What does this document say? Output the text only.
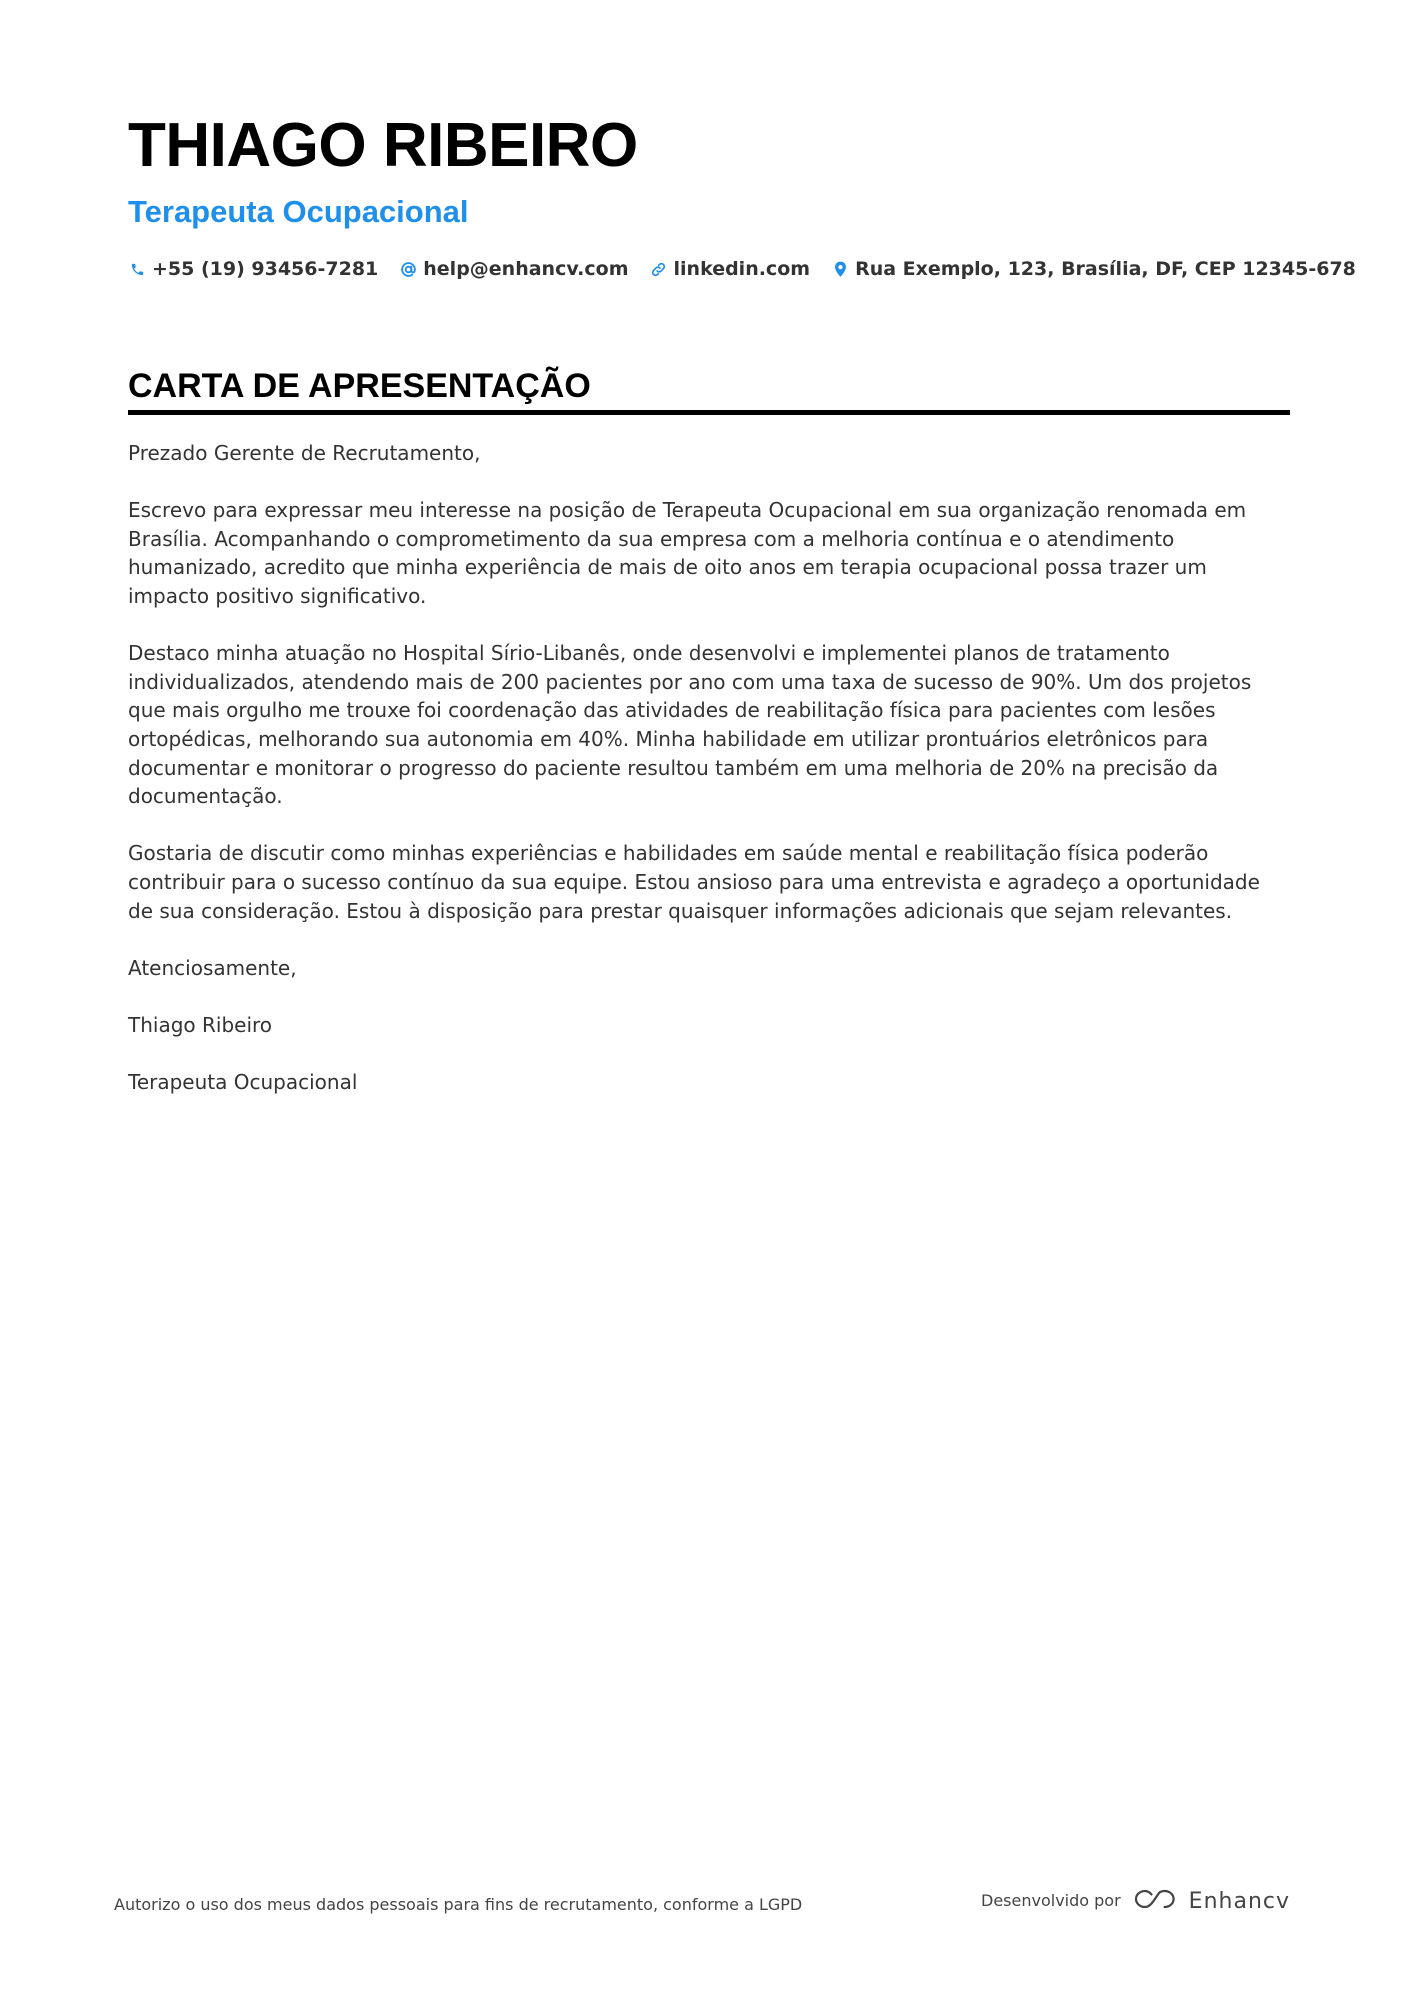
THIAGO RIBEIRO
Terapeuta Ocupacional
+55 (19) 93456-7281 help@enhancv.com linkedin.com Rua Exemplo, 123, Brasília, DF, CEP 12345-678
CARTA DE APRESENTAÇÃO

Prezado Gerente de Recrutamento,

Escrevo para expressar meu interesse na posição de Terapeuta Ocupacional em sua organização renomada em Brasília. Acompanhando o comprometimento da sua empresa com a melhoria contínua e o atendimento humanizado, acredito que minha experiência de mais de oito anos em terapia ocupacional possa trazer um impacto positivo significativo.

Destaco minha atuação no Hospital Sírio-Libanês, onde desenvolvi e implementei planos de tratamento individualizados, atendendo mais de 200 pacientes por ano com uma taxa de sucesso de 90%. Um dos projetos que mais orgulho me trouxe foi coordenação das atividades de reabilitação física para pacientes com lesões ortopédicas, melhorando sua autonomia em 40%. Minha habilidade em utilizar prontuários eletrônicos para documentar e monitorar o progresso do paciente resultou também em uma melhoria de 20% na precisão da documentação.

Gostaria de discutir como minhas experiências e habilidades em saúde mental e reabilitação física poderão contribuir para o sucesso contínuo da sua equipe. Estou ansioso para uma entrevista e agradeço a oportunidade de sua consideração. Estou à disposição para prestar quaisquer informações adicionais que sejam relevantes.

Atenciosamente,

Thiago Ribeiro

Terapeuta Ocupacional

Autorizo o uso dos meus dados pessoais para fins de recrutamento, conforme a LGPD	Desenvolvido por	Enhancv
